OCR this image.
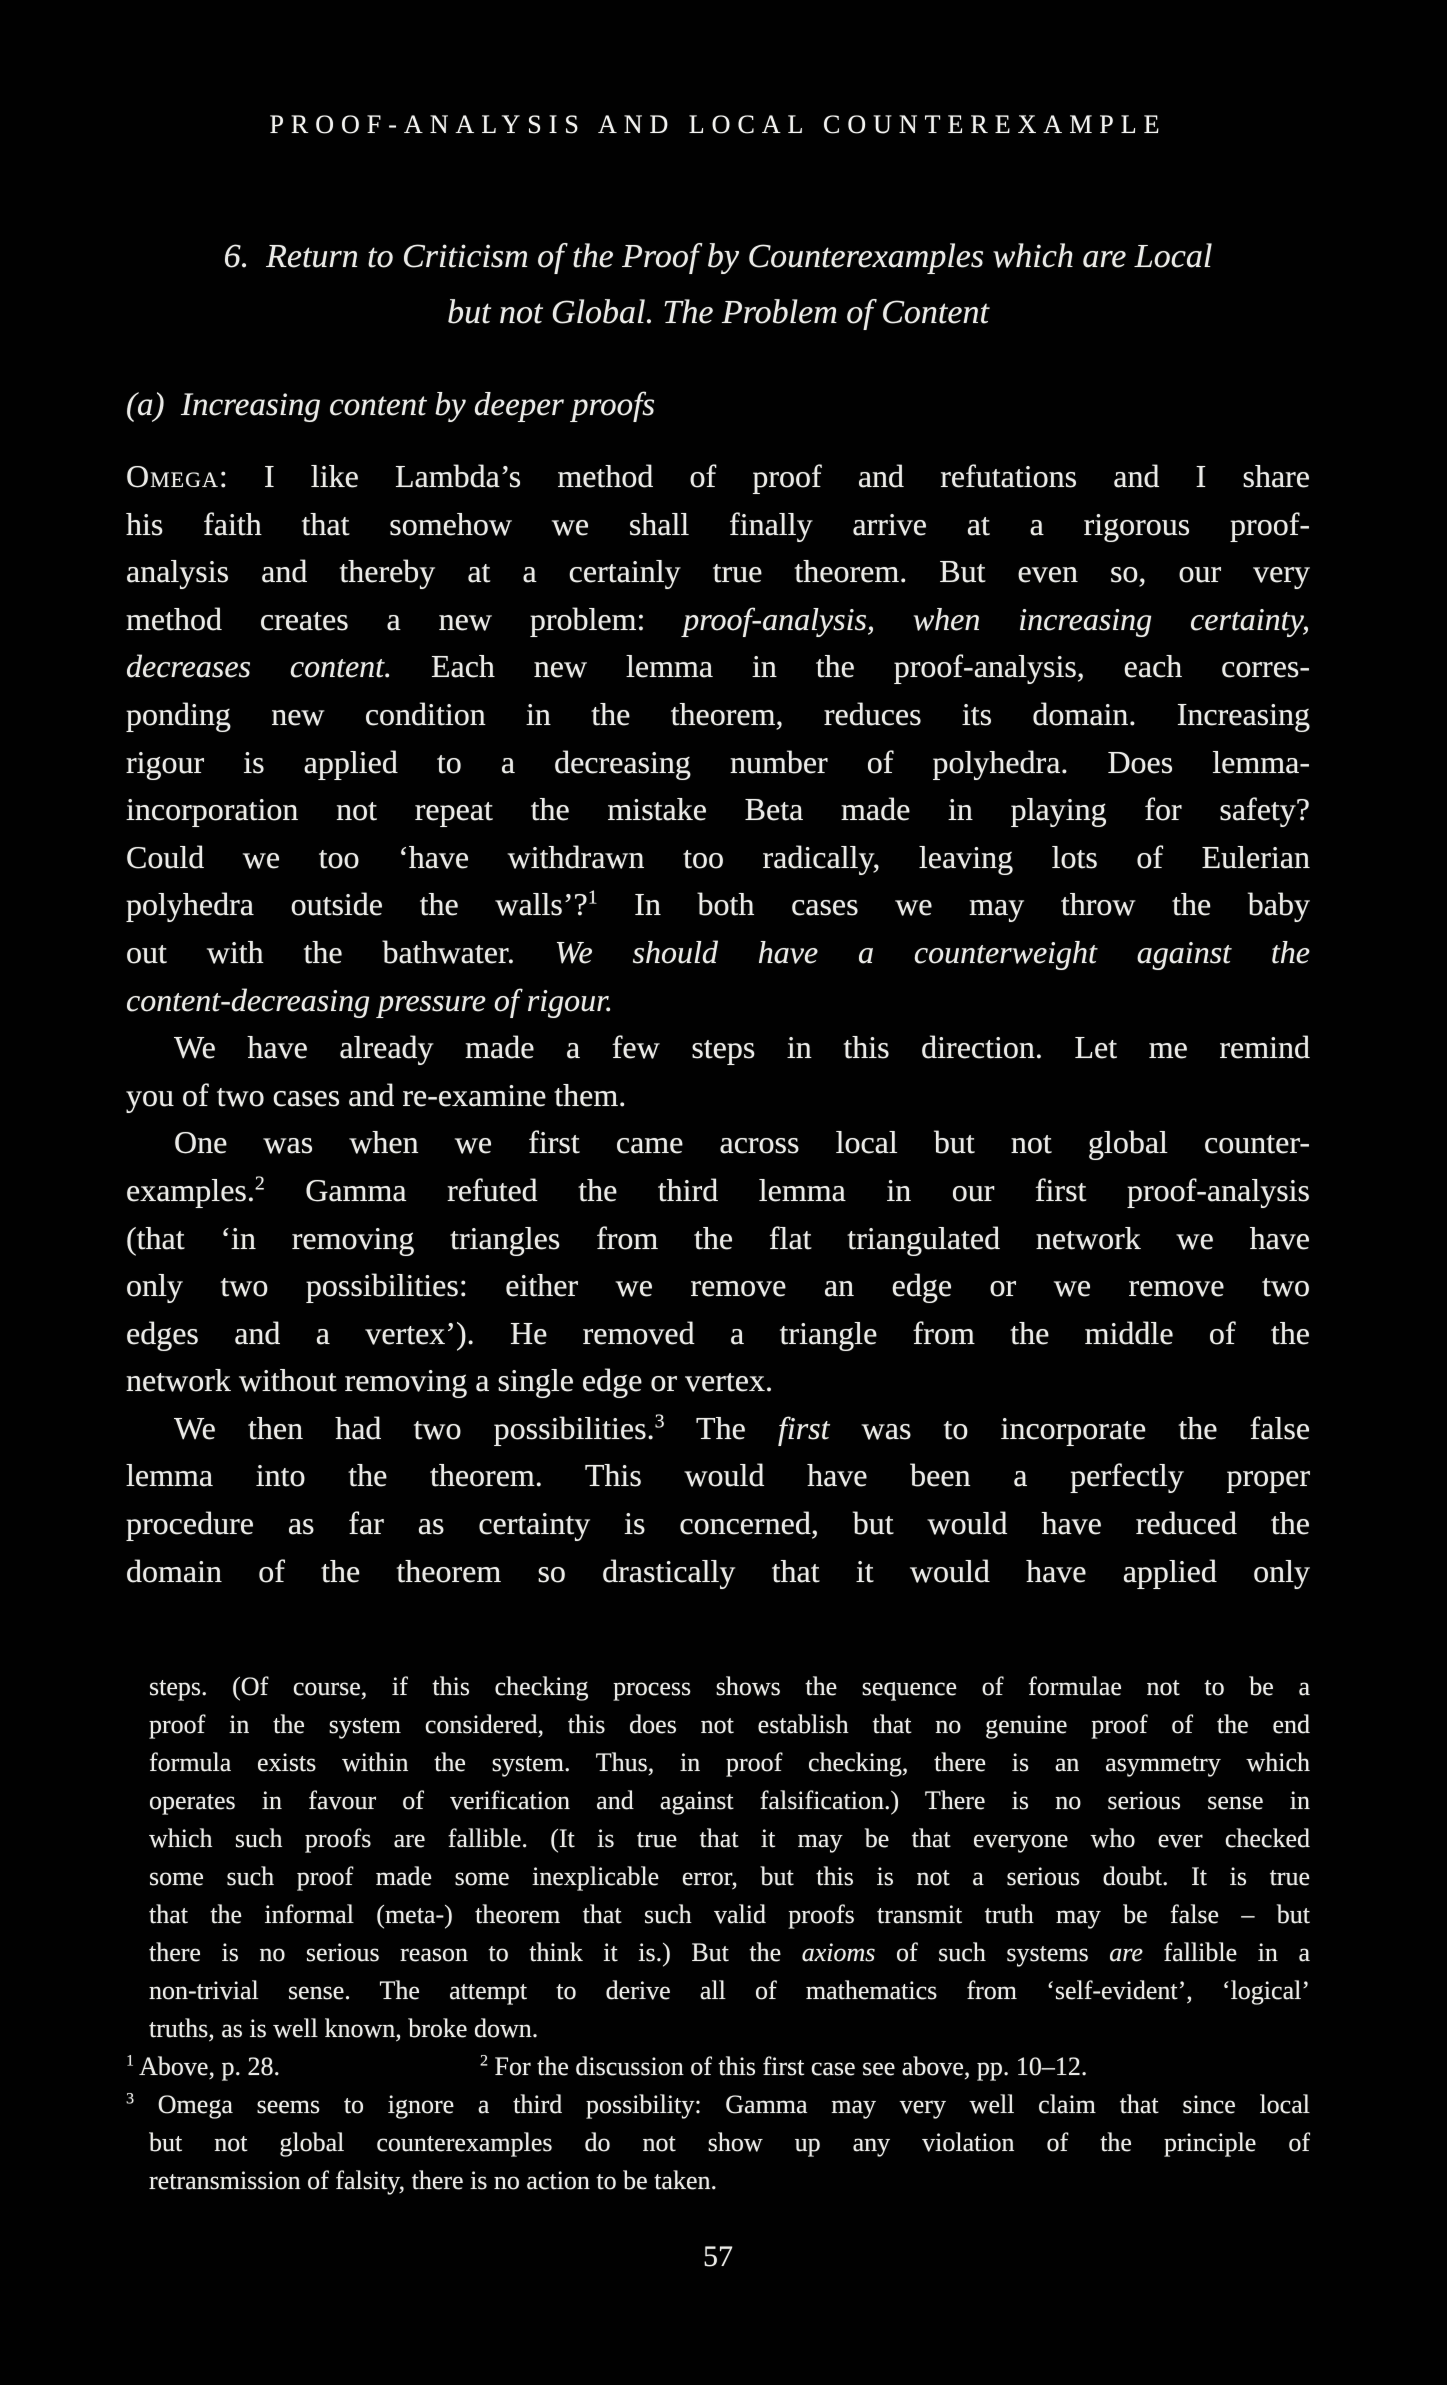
PROOF-ANALYSIS AND LOCAL COUNTEREXAMPLE
6. Return to Criticism of the Proof by Counterexamples which are Local
but not Global. The Problem of Content
(a) Increasing content by deeper proofs
Omega: I like Lambda’s method of proof and refutations and I share
his faith that somehow we shall finally arrive at a rigorous proof-
analysis and thereby at a certainly true theorem. But even so, our very
method creates a new problem: proof-analysis, when increasing certainty,
decreases content. Each new lemma in the proof-analysis, each corres-
ponding new condition in the theorem, reduces its domain. Increasing
rigour is applied to a decreasing number of polyhedra. Does lemma-
incorporation not repeat the mistake Beta made in playing for safety?
Could we too ‘have withdrawn too radically, leaving lots of Eulerian
polyhedra outside the walls’?$^1$ In both cases we may throw the baby
out with the bathwater. We should have a counterweight against the
content-decreasing pressure of rigour.
We have already made a few steps in this direction. Let me remind
you of two cases and re-examine them.
One was when we first came across local but not global counter-
examples.$^2$ Gamma refuted the third lemma in our first proof-analysis
(that ‘in removing triangles from the flat triangulated network we have
only two possibilities: either we remove an edge or we remove two
edges and a vertex’). He removed a triangle from the middle of the
network without removing a single edge or vertex.
We then had two possibilities.$^3$ The first was to incorporate the false
lemma into the theorem. This would have been a perfectly proper
procedure as far as certainty is concerned, but would have reduced the
domain of the theorem so drastically that it would have applied only
steps. (Of course, if this checking process shows the sequence of formulae not to be a
proof in the system considered, this does not establish that no genuine proof of the end
formula exists within the system. Thus, in proof checking, there is an asymmetry which
operates in favour of verification and against falsification.) There is no serious sense in
which such proofs are fallible. (It is true that it may be that everyone who ever checked
some such proof made some inexplicable error, but this is not a serious doubt. It is true
that the informal (meta-) theorem that such valid proofs transmit truth may be false – but
there is no serious reason to think it is.) But the axioms of such systems are fallible in a
non-trivial sense. The attempt to derive all of mathematics from ‘self-evident’, ‘logical’
truths, as is well known, broke down.
$^1$ Above, p. 28.	$^2$ For the discussion of this first case see above, pp. 10–12.
$^3$ Omega seems to ignore a third possibility: Gamma may very well claim that since local
but not global counterexamples do not show up any violation of the principle of
retransmission of falsity, there is no action to be taken.
57
